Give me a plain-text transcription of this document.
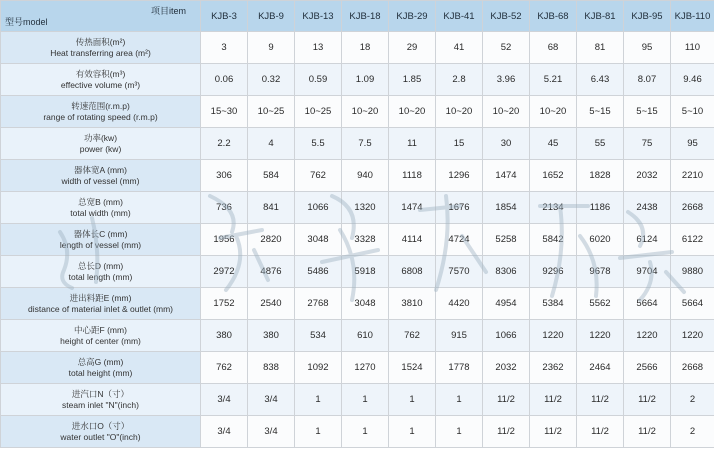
项目item
型号model	KJB-3	KJB-9	KJB-13	KJB-18	KJB-29	KJB-41	KJB-52	KJB-68	KJB-81	KJB-95	KJB-110

传热面积(m²)
Heat transferring area (m²)	3	9	13	18	29	41	52	68	81	95	110

有效容积(m³)
effective volume (m³)	0.06	0.32	0.59	1.09	1.85	2.8	3.96	5.21	6.43	8.07	9.46

转速范围(r.m.p)
range of rotating speed (r.m.p)	15~30	10~25	10~25	10~20	10~20	10~20	10~20	10~20	5~15	5~15	5~10

功率(kw)
power (kw)	2.2	4	5.5	7.5	11	15	30	45	55	75	95

器体宽A (mm)
width of vessel (mm)	306	584	762	940	1118	1296	1474	1652	1828	2032	2210

总宽B (mm)
total width (mm)	736	841	1066	1320	1474	1676	1854	2134	1186	2438	2668

器体长C (mm)
length of vessel (mm)	1956	2820	3048	3328	4114	4724	5258	5842	6020	6124	6122

总长D (mm)
total length (mm)	2972	4876	5486	5918	6808	7570	8306	9296	9678	9704	9880

进出料距E (mm)
distance of material inlet & outlet (mm)	1752	2540	2768	3048	3810	4420	4954	5384	5562	5664	5664

中心距F (mm)
height of center (mm)	380	380	534	610	762	915	1066	1220	1220	1220	1220

总高G (mm)
total height (mm)	762	838	1092	1270	1524	1778	2032	2362	2464	2566	2668

进汽口N（寸）
steam inlet "N"(inch)	3/4	3/4	1	1	1	1	11/2	11/2	11/2	11/2	2

进水口O（寸）
water outlet "O"(inch)	3/4	3/4	1	1	1	1	11/2	11/2	11/2	11/2	2
